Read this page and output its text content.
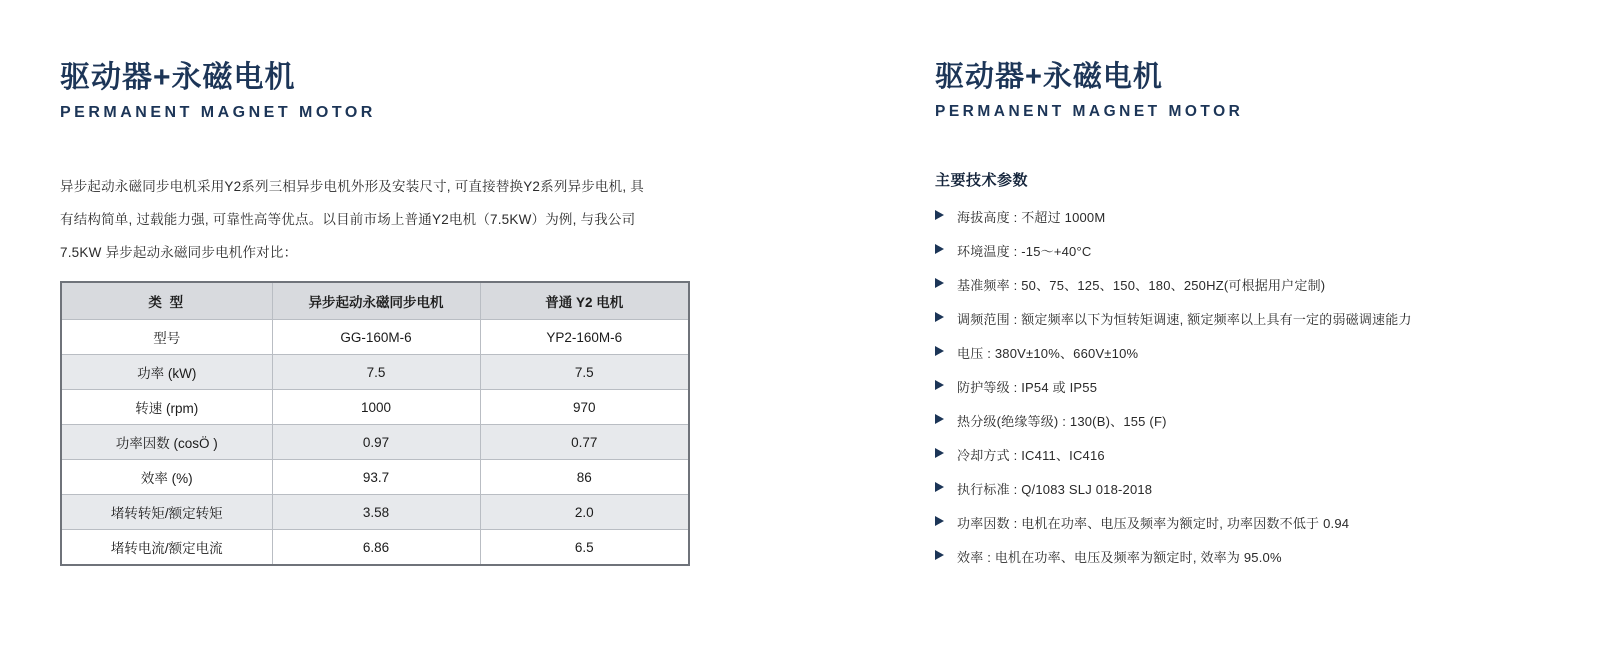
驱动器+永磁电机
PERMANENT MAGNET MOTOR

异步起动永磁同步电机采用Y2系列三相异步电机外形及安装尺寸, 可直接替换Y2系列异步电机, 具有结构简单, 过载能力强, 可靠性高等优点。以目前市场上普通Y2电机（7.5KW）为例, 与我公司7.5KW 异步起动永磁同步电机作对比：

类 型	异步起动永磁同步电机	普通 Y2 电机
型号	GG-160M-6	YP2-160M-6
功率 (kW)	7.5	7.5
转速 (rpm)	1000	970
功率因数 (cosÖ )	0.97	0.77
效率 (%)	93.7	86
堵转转矩/额定转矩	3.58	2.0
堵转电流/额定电流	6.86	6.5
驱动器+永磁电机
PERMANENT MAGNET MOTOR
主要技术参数
海拔高度 : 不超过 1000M
环境温度 : -15〜+40°C
基准频率 : 50、75、125、150、180、250HZ(可根据用户定制)
调频范围 : 额定频率以下为恒转矩调速, 额定频率以上具有一定的弱磁调速能力
电压 : 380V±10%、660V±10%
防护等级 : IP54 或 IP55
热分级(绝缘等级) : 130(B)、155 (F)
冷却方式 : IC411、IC416
执行标准 : Q/1083 SLJ 018-2018
功率因数 : 电机在功率、电压及频率为额定时, 功率因数不低于 0.94
效率 : 电机在功率、电压及频率为额定时, 效率为 95.0%
